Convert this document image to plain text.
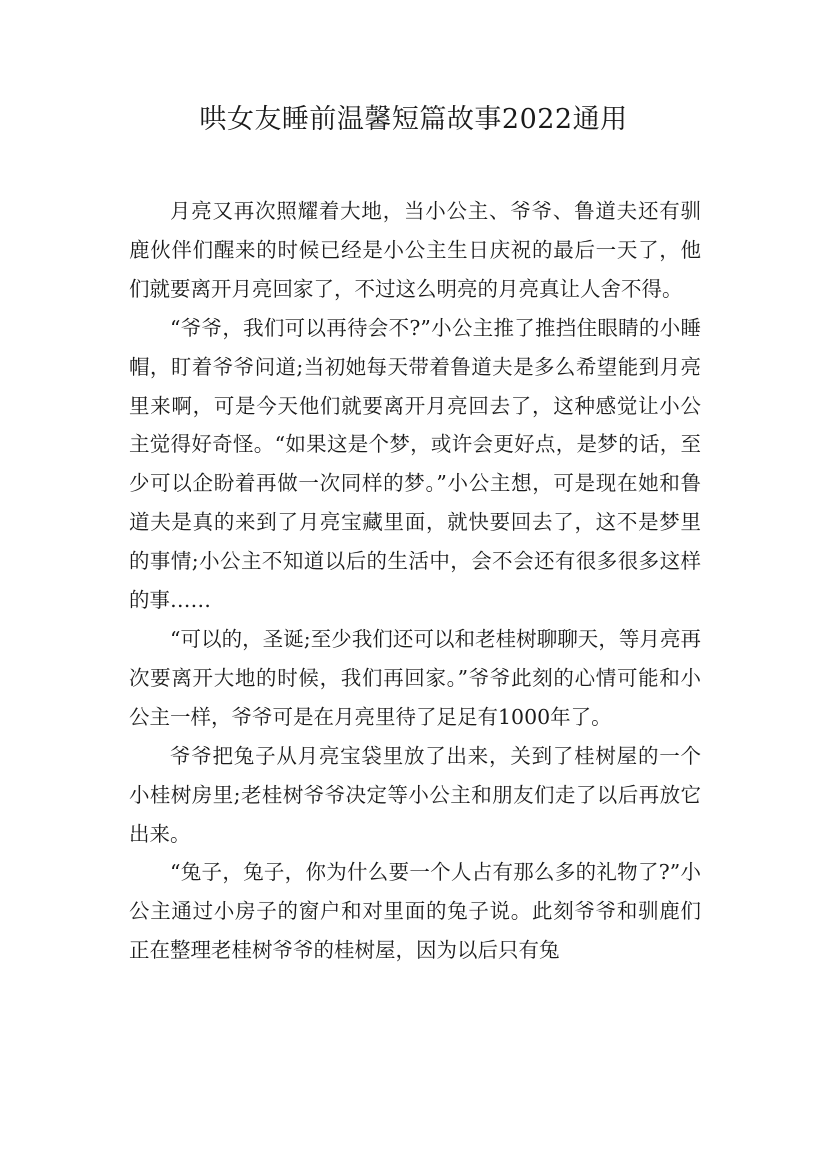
哄女友睡前温馨短篇故事2022通用

月亮又再次照耀着大地，当小公主、爷爷、鲁道夫还有驯鹿伙伴们醒来的时候已经是小公主生日庆祝的最后一天了，他们就要离开月亮回家了，不过这么明亮的月亮真让人舍不得。

“爷爷，我们可以再待会不?”小公主推了推挡住眼睛的小睡帽，盯着爷爷问道;当初她每天带着鲁道夫是多么希望能到月亮里来啊，可是今天他们就要离开月亮回去了，这种感觉让小公主觉得好奇怪。“如果这是个梦，或许会更好点，是梦的话，至少可以企盼着再做一次同样的梦。”小公主想，可是现在她和鲁道夫是真的来到了月亮宝藏里面，就快要回去了，这不是梦里的事情;小公主不知道以后的生活中，会不会还有很多很多这样的事……

“可以的，圣诞;至少我们还可以和老桂树聊聊天，等月亮再次要离开大地的时候，我们再回家。”爷爷此刻的心情可能和小公主一样，爷爷可是在月亮里待了足足有1000年了。

爷爷把兔子从月亮宝袋里放了出来，关到了桂树屋的一个小桂树房里;老桂树爷爷决定等小公主和朋友们走了以后再放它出来。

“兔子，兔子，你为什么要一个人占有那么多的礼物了?”小公主通过小房子的窗户和对里面的兔子说。此刻爷爷和驯鹿们正在整理老桂树爷爷的桂树屋，因为以后只有兔
